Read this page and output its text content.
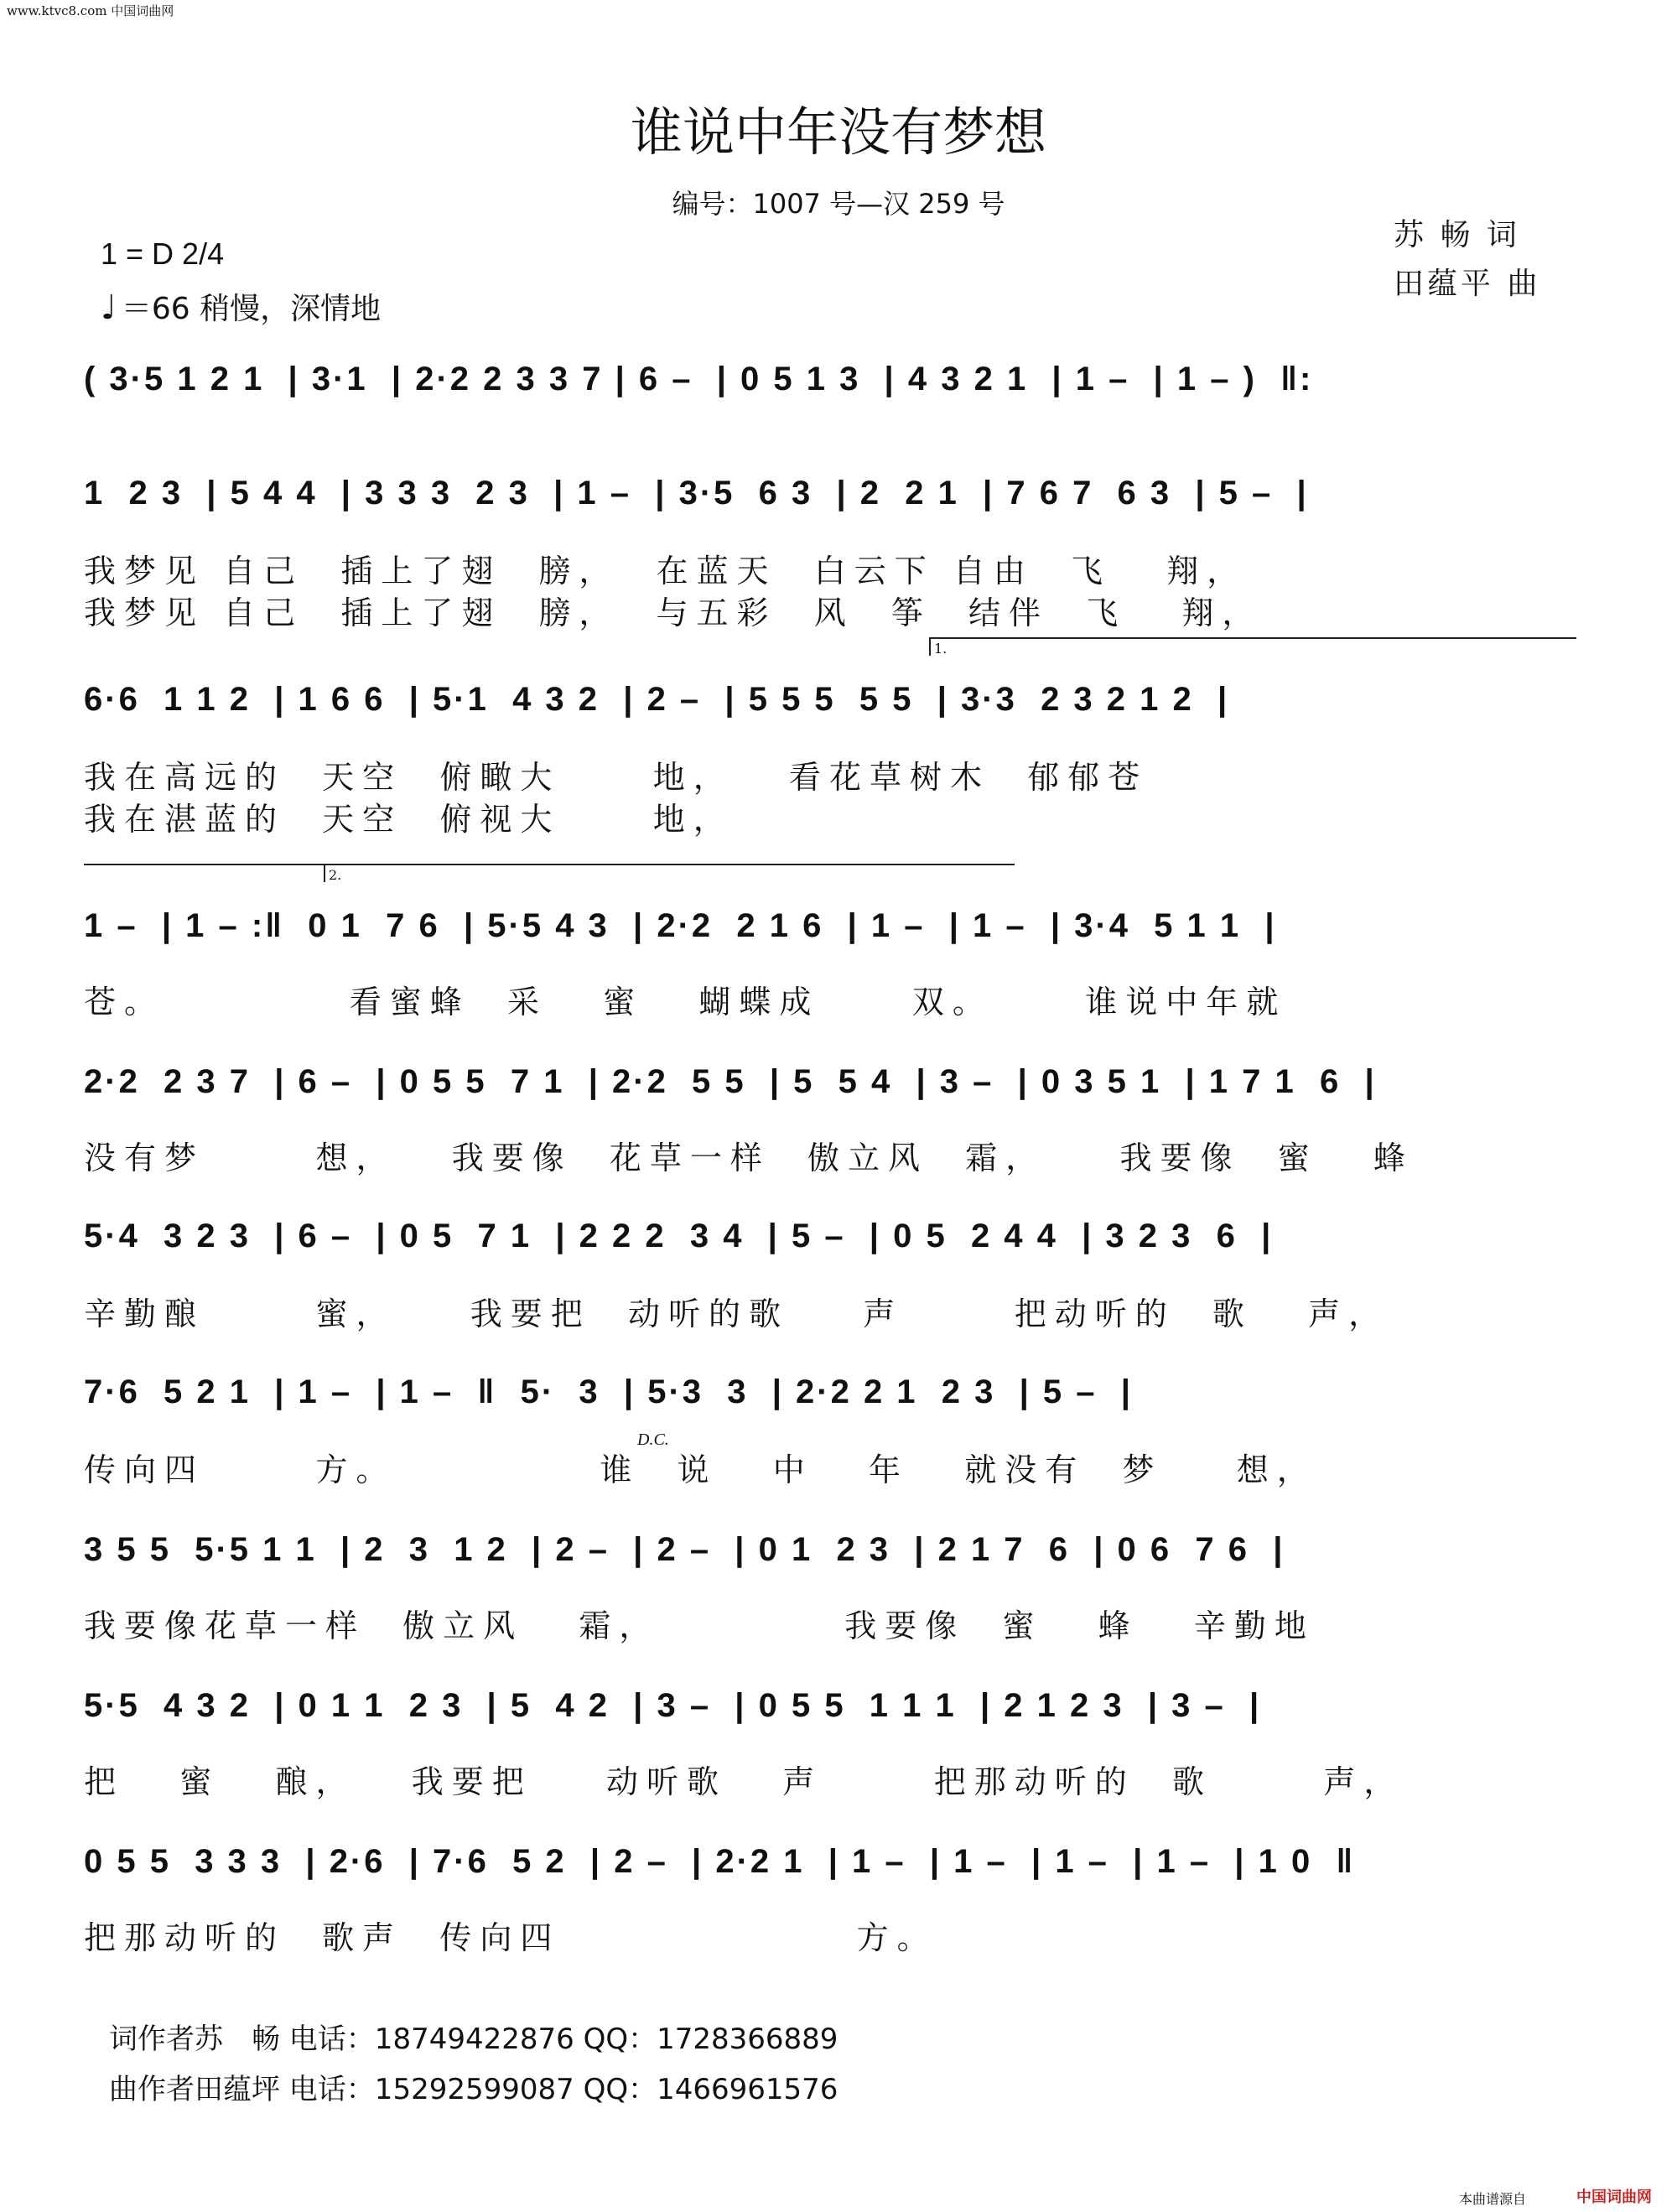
www.ktvc8.com 中国词曲网
谁说中年没有梦想
编号：1007 号—汉 259 号
1 = D 2/4
♩ ＝66 稍慢，深情地
苏 畅 词
田蕴平 曲
( 3·5 1 2 1  | 3·1  | 2·2 2 3 3 7 | 6 –  | 0 5 1 3  | 4 3 2 1  | 1 –  | 1 – )  ‖:
1  2 3  | 5 4 4  | 3 3 3  2 3  | 1 –  | 3·5  6 3  | 2  2 1  | 7 6 7  6 3  | 5 –  |
我梦见 自己  插上了翅  膀，  在蓝天  白云下 自由  飞   翔，
我梦见 自己  插上了翅  膀，  与五彩  风  筝  结伴  飞   翔，
1.
6·6  1 1 2  | 1 6 6  | 5·1  4 3 2  | 2 –  | 5 5 5  5 5  | 3·3  2 3 2 1 2  |
我在高远的  天空  俯瞰大     地，   看花草树木  郁郁苍
我在湛蓝的  天空  俯视大     地，
2.
1 –  | 1 – :‖  0 1  7 6  | 5·5 4 3  | 2·2  2 1 6  | 1 –  | 1 –  | 3·4  5 1 1  |
苍。          看蜜蜂  采   蜜   蝴蝶成     双。     谁说中年就
2·2  2 3 7  | 6 –  | 0 5 5  7 1  | 2·2  5 5  | 5  5 4  | 3 –  | 0 3 5 1  | 1 7 1  6  |
没有梦      想，   我要像  花草一样  傲立风  霜，    我要像  蜜   蜂
5·4  3 2 3  | 6 –  | 0 5  7 1  | 2 2 2  3 4  | 5 –  | 0 5  2 4 4  | 3 2 3  6  |
辛勤酿      蜜，    我要把  动听的歌    声      把动听的  歌   声，
7·6  5 2 1  | 1 –  | 1 –  ‖  5·  3  | 5·3  3  | 2·2 2 1  2 3  | 5 –  |
D.C.
传向四      方。           谁  说   中   年   就没有  梦    想，
3 5 5  5·5 1 1  | 2  3  1 2  | 2 –  | 2 –  | 0 1  2 3  | 2 1 7  6  | 0 6  7 6  |
我要像花草一样  傲立风   霜，          我要像  蜜   蜂   辛勤地
5·5  4 3 2  | 0 1 1  2 3  | 5  4 2  | 3 –  | 0 5 5  1 1 1  | 2 1 2 3  | 3 –  |
把   蜜   酿，   我要把    动听歌   声      把那动听的  歌      声，
0 5 5  3 3 3  | 2·6  | 7·6  5 2  | 2 –  | 2·2 1  | 1 –  | 1 –  | 1 –  | 1 –  | 1 0  ‖
把那动听的  歌声  传向四                方。
词作者苏　畅 电话：18749422876 QQ：1728366889
曲作者田蕴坪 电话：15292599087 QQ：1466961576
本曲谱源自	中国词曲网
